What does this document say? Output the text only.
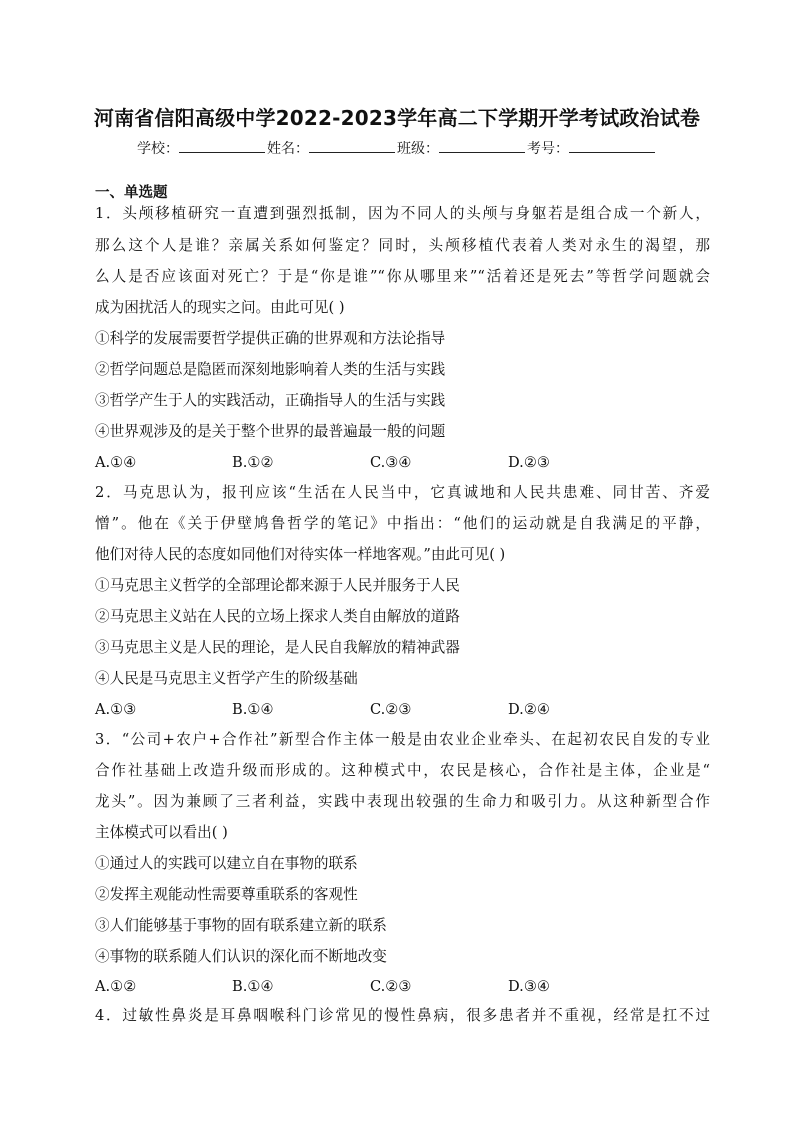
河南省信阳高级中学2022-2023学年高二下学期开学考试政治试卷
学校：	姓名：	班级：	考号：
一、单选题
1．头颅移植研究一直遭到强烈抵制，因为不同人的头颅与身躯若是组合成一个新人，
那么这个人是谁？亲属关系如何鉴定？同时，头颅移植代表着人类对永生的渴望，那
么人是否应该面对死亡？于是“你是谁”“你从哪里来”“活着还是死去”等哲学问题就会
成为困扰活人的现实之问。由此可见( )
①科学的发展需要哲学提供正确的世界观和方法论指导
②哲学问题总是隐匿而深刻地影响着人类的生活与实践
③哲学产生于人的实践活动，正确指导人的生活与实践
④世界观涉及的是关于整个世界的最普遍最一般的问题
A.①④	B.①②	C.③④	D.②③
2．马克思认为，报刊应该“生活在人民当中，它真诚地和人民共患难、同甘苦、齐爱
憎”。他在《关于伊壁鸠鲁哲学的笔记》中指出：“他们的运动就是自我满足的平静，
他们对待人民的态度如同他们对待实体一样地客观。”由此可见( )
①马克思主义哲学的全部理论都来源于人民并服务于人民
②马克思主义站在人民的立场上探求人类自由解放的道路
③马克思主义是人民的理论，是人民自我解放的精神武器
④人民是马克思主义哲学产生的阶级基础
A.①③	B.①④	C.②③	D.②④
3．“公司+农户+合作社”新型合作主体一般是由农业企业牵头、在起初农民自发的专业
合作社基础上改造升级而形成的。这种模式中，农民是核心，合作社是主体，企业是“
龙头”。因为兼顾了三者利益，实践中表现出较强的生命力和吸引力。从这种新型合作
主体模式可以看出( )
①通过人的实践可以建立自在事物的联系
②发挥主观能动性需要尊重联系的客观性
③人们能够基于事物的固有联系建立新的联系
④事物的联系随人们认识的深化而不断地改变
A.①②	B.①④	C.②③	D.③④
4．过敏性鼻炎是耳鼻咽喉科门诊常见的慢性鼻病，很多患者并不重视，经常是扛不过
